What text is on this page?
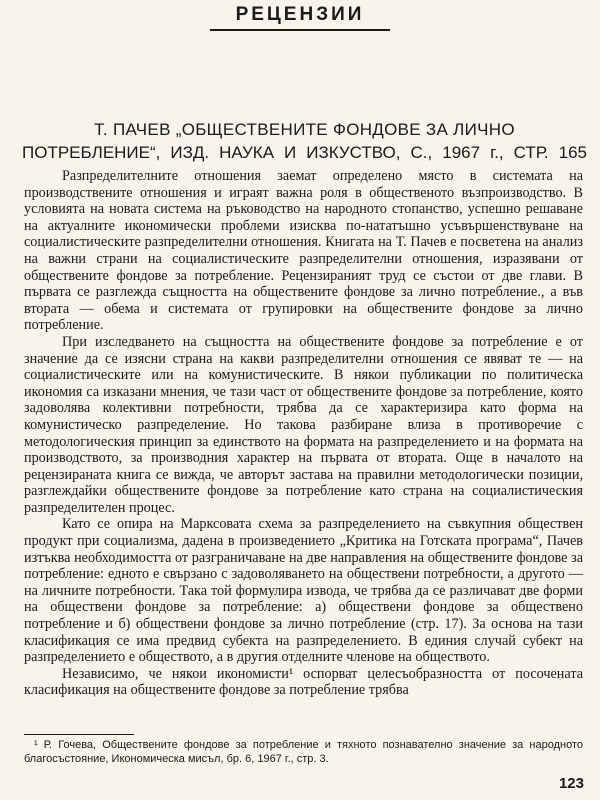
РЕЦЕНЗИИ
Т. ПАЧЕВ „ОБЩЕСТВЕНИТЕ ФОНДОВЕ ЗА ЛИЧНО
ПОТРЕБЛЕНИЕ“, ИЗД. НАУКА И ИЗКУСТВО, С., 1967 г., СТР. 165

Разпределителните отношения заемат определено място в системата на производствените отношения и играят важна роля в общественото възпроизводство. В условията на новата система на ръководство на народното стопанство, успешно решаване на актуалните икономически проблеми изисква по-нататъшно усъвършенствуване на социалистическите разпределителни отношения. Книгата на Т. Пачев е посветена на анализ на важни страни на социалистическите разпределителни отношения, изразявани от обществените фондове за потребление. Рецензираният труд се състои от две глави. В първата се разглежда същността на обществените фондове за лично потребление., а във втората — обема и системата от групировки на обществените фондове за лично потребление.

При изследването на същността на обществените фондове за потребление е от значение да се изясни страна на какви разпределителни отношения се явяват те — на социалистическите или на комунистическите. В някои публикации по политическа икономия са изказани мнения, че тази част от обществените фондове за потребление, която задоволява колективни потребности, трябва да се характеризира като форма на комунистическо разпределение. Но такова разбиране влиза в противоречие с методологическия принцип за единството на формата на разпределението и на формата на производството, за производния характер на първата от втората. Още в началото на рецензираната книга се вижда, че авторът застава на правилни методологически позиции, разглеждайки обществените фондове за потребление като страна на социалистическия разпределителен процес.

Като се опира на Марксовата схема за разпределението на съвкупния обществен продукт при социализма, дадена в произведението „Критика на Готската програма“, Пачев изтъква необходимостта от разграничаване на две направления на обществените фондове за потребление: едното е свързано с задоволяването на обществени потребности, а другото — на личните потребности. Така той формулира извода, че трябва да се различават две форми на обществени фондове за потребление: а) обществени фондове за обществено потребление и б) обществени фондове за лично потребление (стр. 17). За основа на тази класификация се има предвид субекта на разпределението. В единия случай субект на разпределението е обществото, а в другия отделните членове на обществото.

Независимо, че някои икономисти¹ оспорват целесъобразността от посочената класификация на обществените фондове за потребление трябва

¹ Р. Гочева, Обществените фондове за потребление и тяхното познавателно значение за народното благосъстояние, Икономическа мисъл, бр. 6, 1967 г., стр. 3.
123
